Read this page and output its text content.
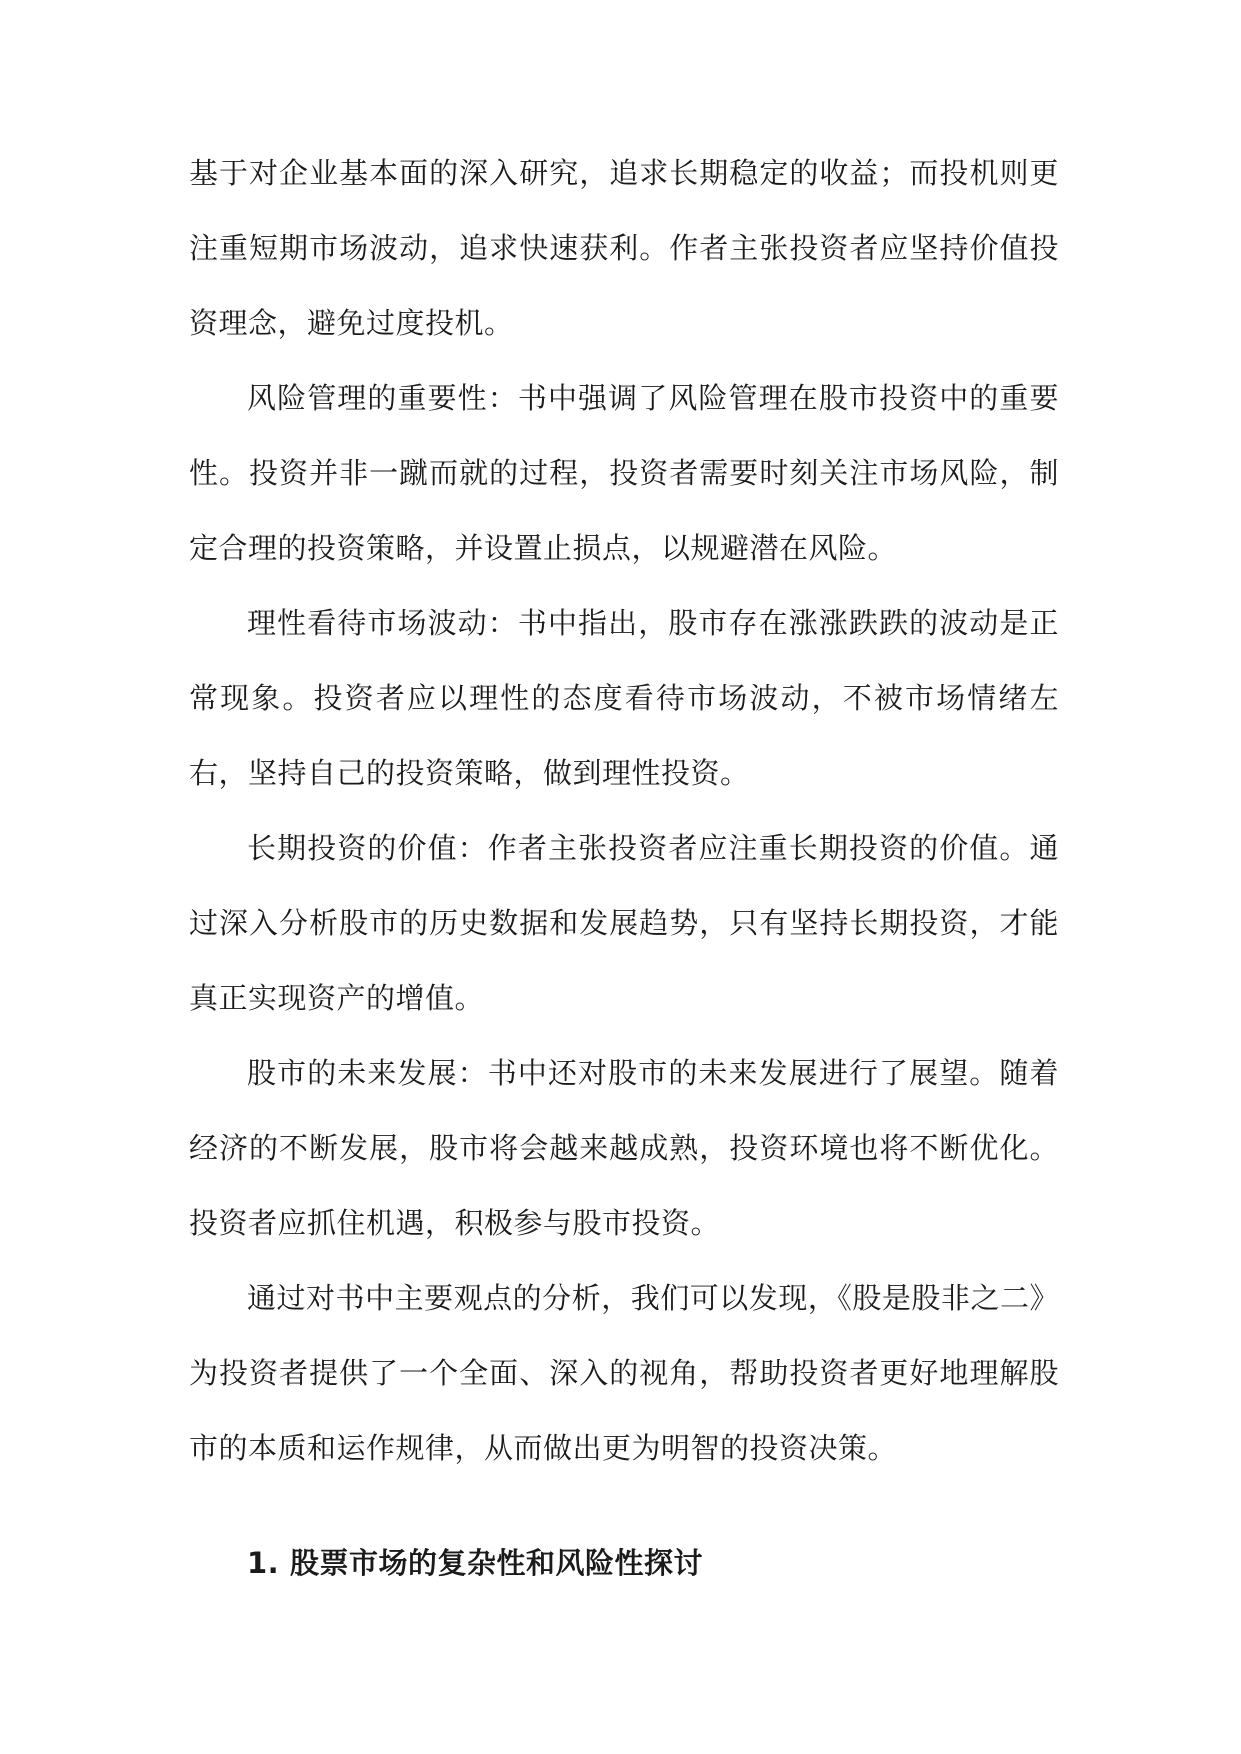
基于对企业基本面的深入研究，追求长期稳定的收益；而投机则更注重短期市场波动，追求快速获利。作者主张投资者应坚持价值投资理念，避免过度投机。

风险管理的重要性：书中强调了风险管理在股市投资中的重要性。投资并非一蹴而就的过程，投资者需要时刻关注市场风险，制定合理的投资策略，并设置止损点，以规避潜在风险。

理性看待市场波动：书中指出，股市存在涨涨跌跌的波动是正常现象。投资者应以理性的态度看待市场波动，不被市场情绪左右，坚持自己的投资策略，做到理性投资。

长期投资的价值：作者主张投资者应注重长期投资的价值。通过深入分析股市的历史数据和发展趋势，只有坚持长期投资，才能真正实现资产的增值。

股市的未来发展：书中还对股市的未来发展进行了展望。随着经济的不断发展，股市将会越来越成熟，投资环境也将不断优化。投资者应抓住机遇，积极参与股市投资。

通过对书中主要观点的分析，我们可以发现，《股是股非之二》为投资者提供了一个全面、深入的视角，帮助投资者更好地理解股市的本质和运作规律，从而做出更为明智的投资决策。

1. 股票市场的复杂性和风险性探讨
